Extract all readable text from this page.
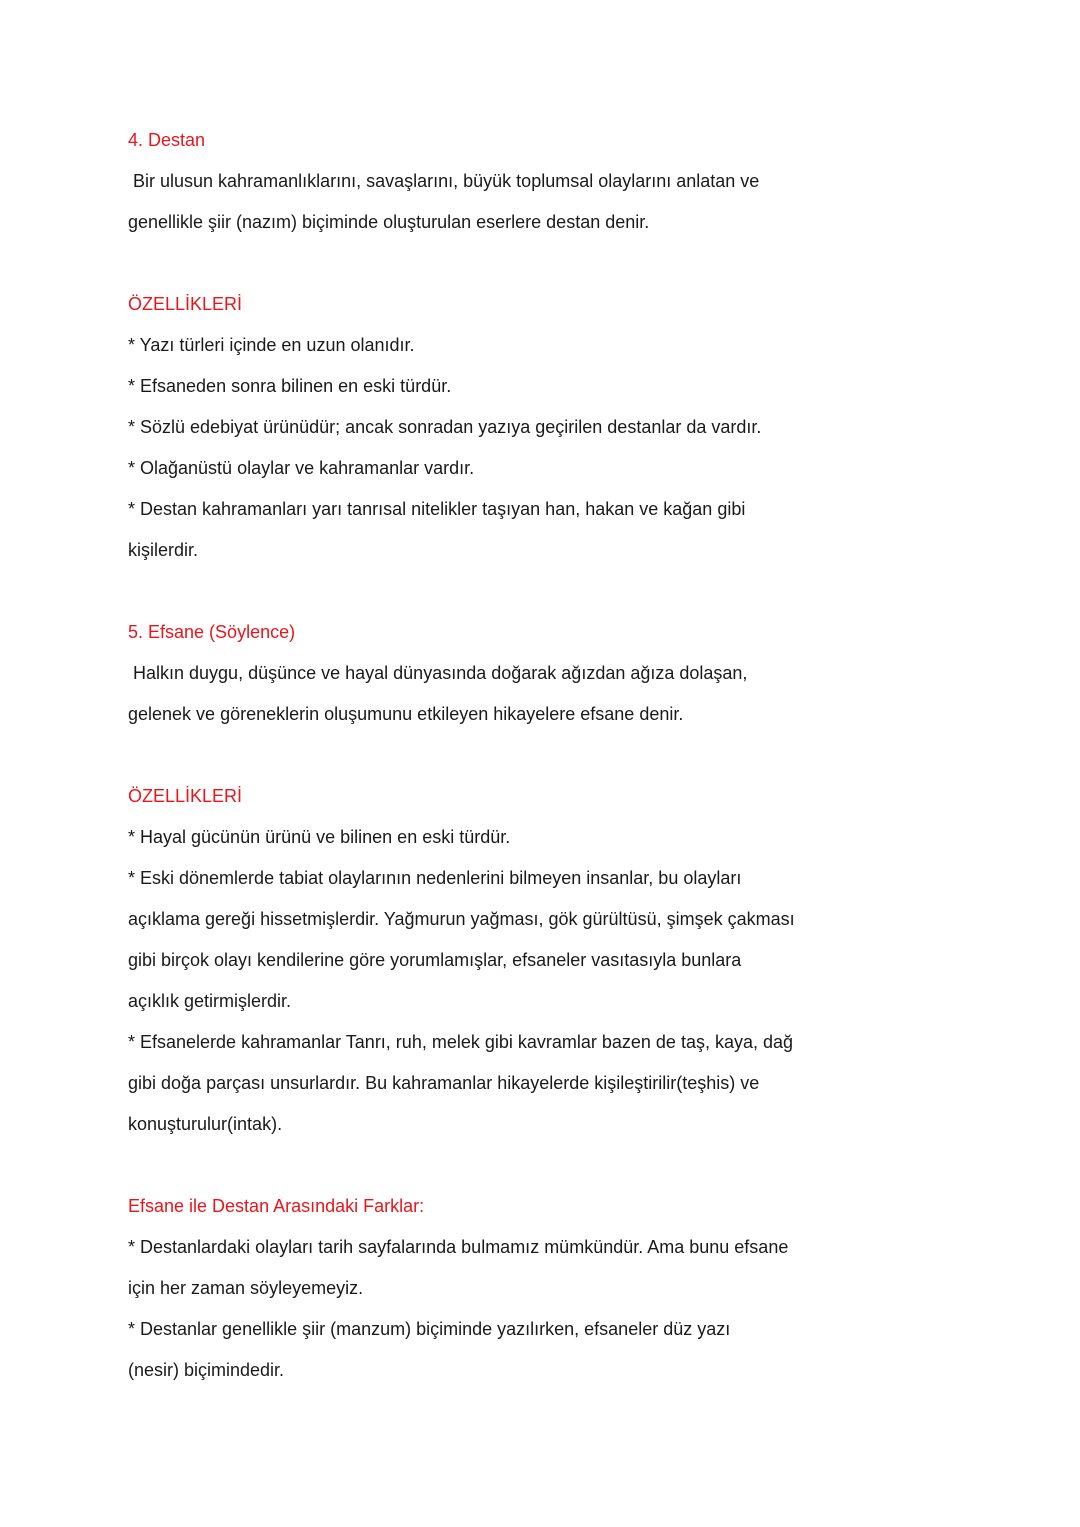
4. Destan

Bir ulusun kahramanlıklarını, savaşlarını, büyük toplumsal olaylarını anlatan ve

genellikle şiir (nazım) biçiminde oluşturulan eserlere destan denir.

ÖZELLİKLERİ

* Yazı türleri içinde en uzun olanıdır.

* Efsaneden sonra bilinen en eski türdür.

* Sözlü edebiyat ürünüdür; ancak sonradan yazıya geçirilen destanlar da vardır.

* Olağanüstü olaylar ve kahramanlar vardır.

* Destan kahramanları yarı tanrısal nitelikler taşıyan han, hakan ve kağan gibi

kişilerdir.

5. Efsane (Söylence)

Halkın duygu, düşünce ve hayal dünyasında doğarak ağızdan ağıza dolaşan,

gelenek ve göreneklerin oluşumunu etkileyen hikayelere efsane denir.

ÖZELLİKLERİ

* Hayal gücünün ürünü ve bilinen en eski türdür.

* Eski dönemlerde tabiat olaylarının nedenlerini bilmeyen insanlar, bu olayları

açıklama gereği hissetmişlerdir. Yağmurun yağması, gök gürültüsü, şimşek çakması

gibi birçok olayı kendilerine göre yorumlamışlar, efsaneler vasıtasıyla bunlara

açıklık getirmişlerdir.

* Efsanelerde kahramanlar Tanrı, ruh, melek gibi kavramlar bazen de taş, kaya, dağ

gibi doğa parçası unsurlardır. Bu kahramanlar hikayelerde kişileştirilir(teşhis) ve

konuşturulur(intak).

Efsane ile Destan Arasındaki Farklar:

* Destanlardaki olayları tarih sayfalarında bulmamız mümkündür. Ama bunu efsane

için her zaman söyleyemeyiz.

* Destanlar genellikle şiir (manzum) biçiminde yazılırken, efsaneler düz yazı

(nesir) biçimindedir.
